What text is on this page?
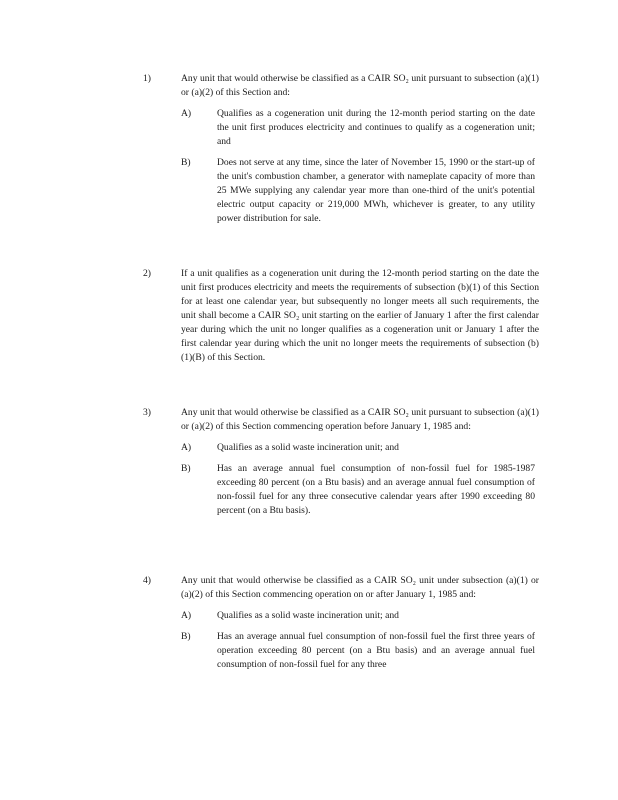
1)	Any unit that would otherwise be classified as a CAIR SO₂ unit pursuant to subsection (a)(1) or (a)(2) of this Section and:
A)	Qualifies as a cogeneration unit during the 12-month period starting on the date the unit first produces electricity and continues to qualify as a cogeneration unit; and
B)	Does not serve at any time, since the later of November 15, 1990 or the start-up of the unit's combustion chamber, a generator with nameplate capacity of more than 25 MWe supplying any calendar year more than one-third of the unit's potential electric output capacity or 219,000 MWh, whichever is greater, to any utility power distribution for sale.
2)	If a unit qualifies as a cogeneration unit during the 12-month period starting on the date the unit first produces electricity and meets the requirements of subsection (b)(1) of this Section for at least one calendar year, but subsequently no longer meets all such requirements, the unit shall become a CAIR SO₂ unit starting on the earlier of January 1 after the first calendar year during which the unit no longer qualifies as a cogeneration unit or January 1 after the first calendar year during which the unit no longer meets the requirements of subsection (b)(1)(B) of this Section.
3)	Any unit that would otherwise be classified as a CAIR SO₂ unit pursuant to subsection (a)(1) or (a)(2) of this Section commencing operation before January 1, 1985 and:
A)	Qualifies as a solid waste incineration unit; and
B)	Has an average annual fuel consumption of non-fossil fuel for 1985-1987 exceeding 80 percent (on a Btu basis) and an average annual fuel consumption of non-fossil fuel for any three consecutive calendar years after 1990 exceeding 80 percent (on a Btu basis).
4)	Any unit that would otherwise be classified as a CAIR SO₂ unit under subsection (a)(1) or (a)(2) of this Section commencing operation on or after January 1, 1985 and:
A)	Qualifies as a solid waste incineration unit; and
B)	Has an average annual fuel consumption of non-fossil fuel the first three years of operation exceeding 80 percent (on a Btu basis) and an average annual fuel consumption of non-fossil fuel for any three
